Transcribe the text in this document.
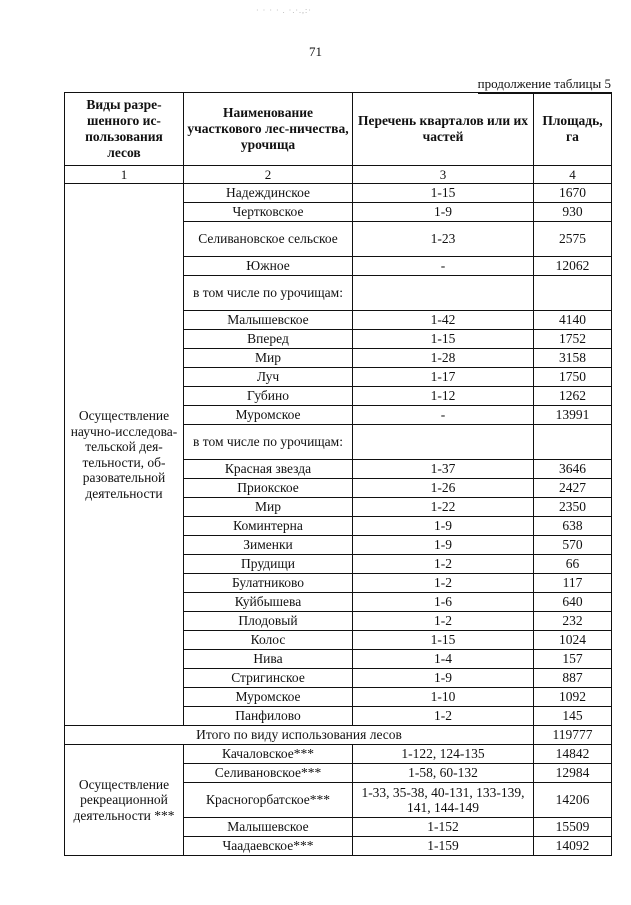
· · · · . ·.·.,:·
71
продолжение таблицы 5
Виды разре-шенного ис-пользования лесов	Наименование участкового лес-ничества, урочища	Перечень кварталов или их частей	Площадь, га
1	2	3	4
Осуществление научно-исследова-тельской дея-тельности, об-разовательной деятельности	Надеждинское	1-15	1670
	Чертковское	1-9	930
	Селивановское сельское	1-23	2575
	Южное	-	12062
	в том числе по урочищам:		
	Малышевское	1-42	4140
	Вперед	1-15	1752
	Мир	1-28	3158
	Луч	1-17	1750
	Губино	1-12	1262
	Муромское	-	13991
	в том числе по урочищам:		
	Красная звезда	1-37	3646
	Приокское	1-26	2427
	Мир	1-22	2350
	Коминтерна	1-9	638
	Зименки	1-9	570
	Прудищи	1-2	66
	Булатниково	1-2	117
	Куйбышева	1-6	640
	Плодовый	1-2	232
	Колос	1-15	1024
	Нива	1-4	157
	Стригинское	1-9	887
	Муромское	1-10	1092
	Панфилово	1-2	145
Итого по виду использования лесов			119777
Осуществление рекреационной деятельности ***	Качаловское***	1-122, 124-135	14842
	Селивановское***	1-58, 60-132	12984
	Красногорбатское***	1-33, 35-38, 40-131, 133-139, 141, 144-149	14206
	Малышевское	1-152	15509
	Чаадаевское***	1-159	14092
